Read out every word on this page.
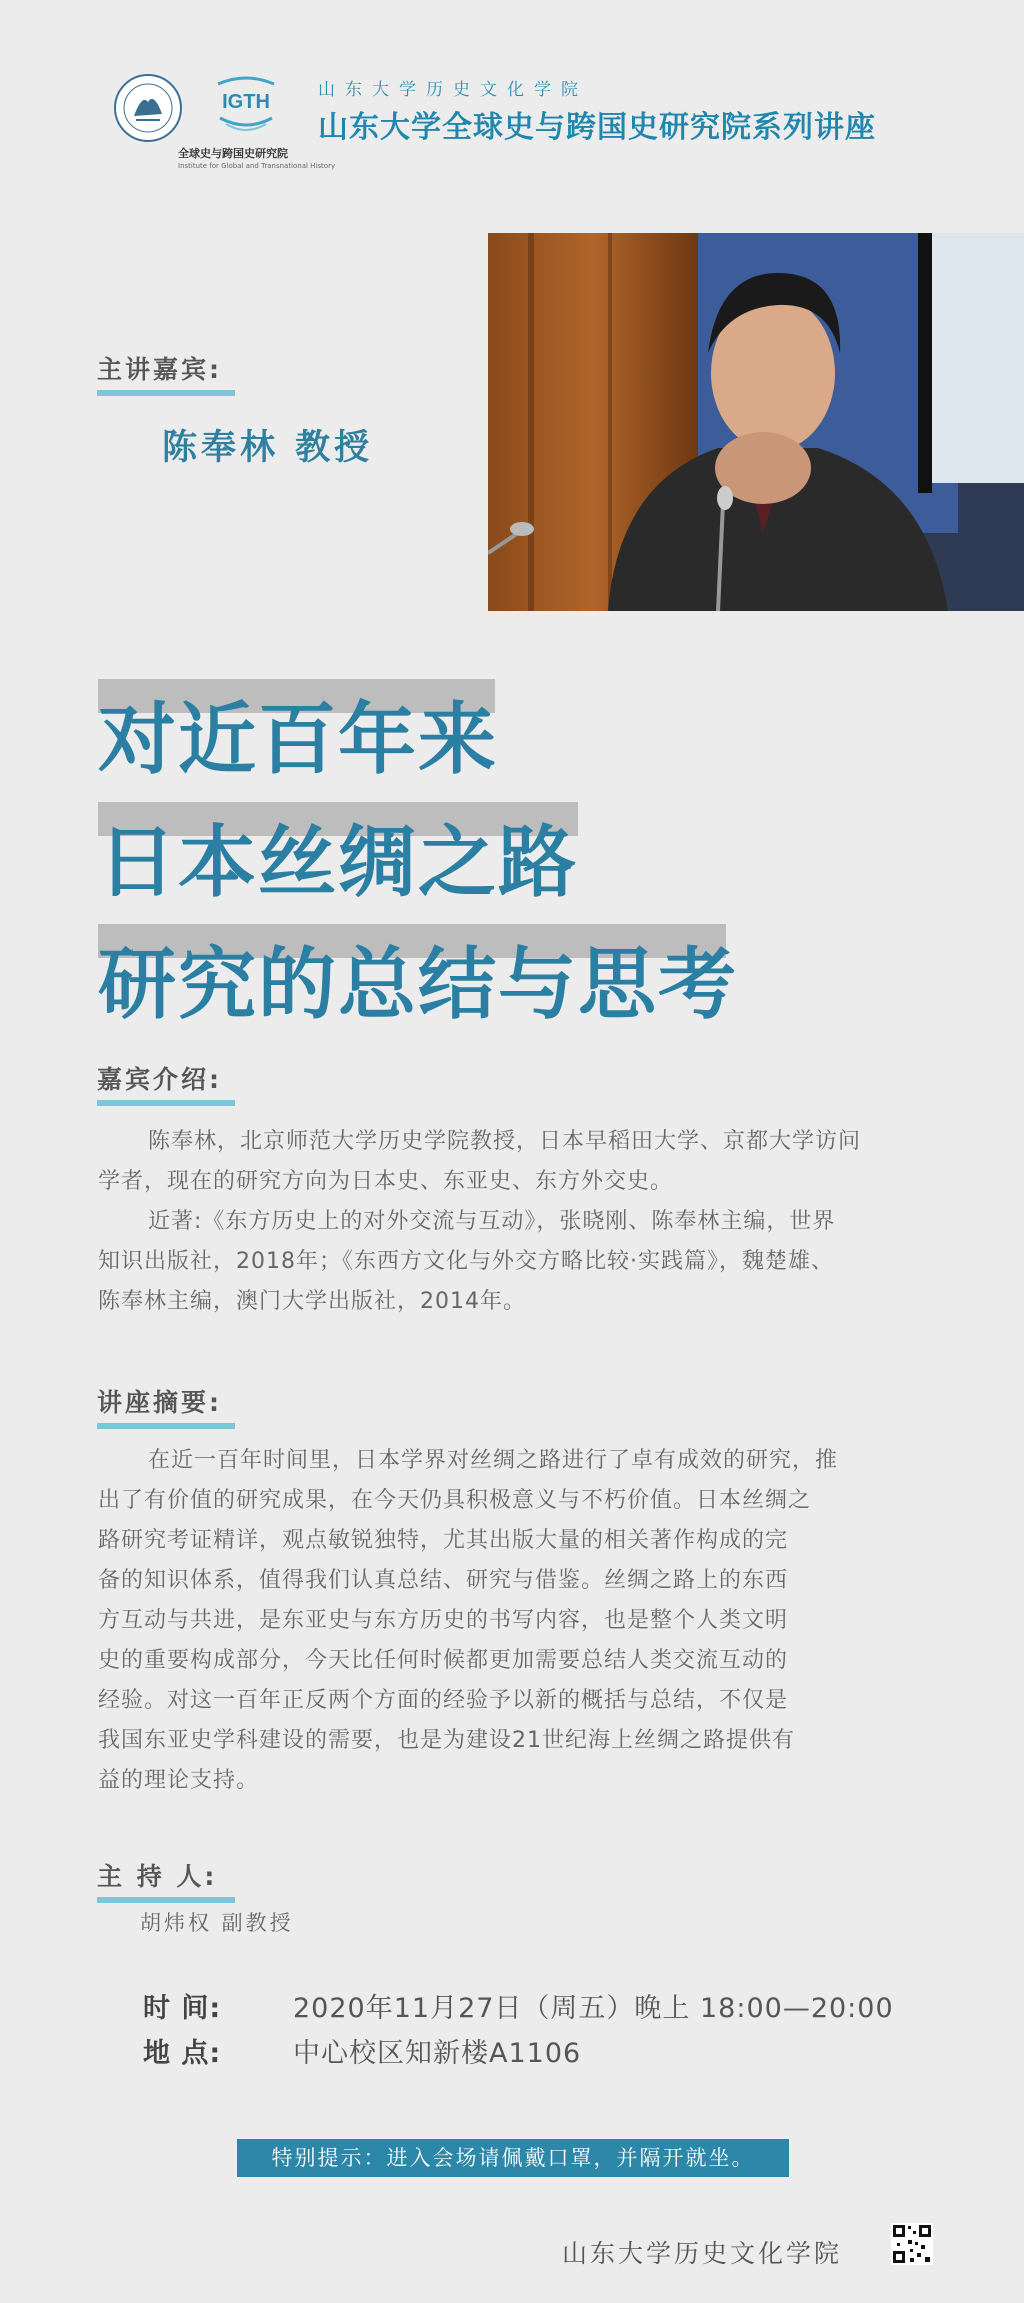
IGTH
全球史与跨国史研究院
Institute for Global and Transnational History
山东大学历史文化学院
山东大学全球史与跨国史研究院系列讲座
主讲嘉宾:
陈奉林 教授
对近百年来
日本丝绸之路
研究的总结与思考
嘉宾介绍:
陈奉林，北京师范大学历史学院教授，日本早稻田大学、京都大学访问
学者，现在的研究方向为日本史、东亚史、东方外交史。
近著:《东方历史上的对外交流与互动》，张晓刚、陈奉林主编，世界
知识出版社，2018年；《东西方文化与外交方略比较·实践篇》，魏楚雄、
陈奉林主编，澳门大学出版社，2014年。
讲座摘要:
在近一百年时间里，日本学界对丝绸之路进行了卓有成效的研究，推
出了有价值的研究成果，在今天仍具积极意义与不朽价值。日本丝绸之
路研究考证精详，观点敏锐独特，尤其出版大量的相关著作构成的完
备的知识体系，值得我们认真总结、研究与借鉴。丝绸之路上的东西
方互动与共进，是东亚史与东方历史的书写内容，也是整个人类文明
史的重要构成部分，今天比任何时候都更加需要总结人类交流互动的
经验。对这一百年正反两个方面的经验予以新的概括与总结，不仅是
我国东亚史学科建设的需要，也是为建设21世纪海上丝绸之路提供有
益的理论支持。
主 持 人:
胡炜权 副教授
时 间:	2020年11月27日（周五）晚上 18:00—20:00
地 点:	中心校区知新楼A1106
特别提示：进入会场请佩戴口罩，并隔开就坐。
山东大学历史文化学院
